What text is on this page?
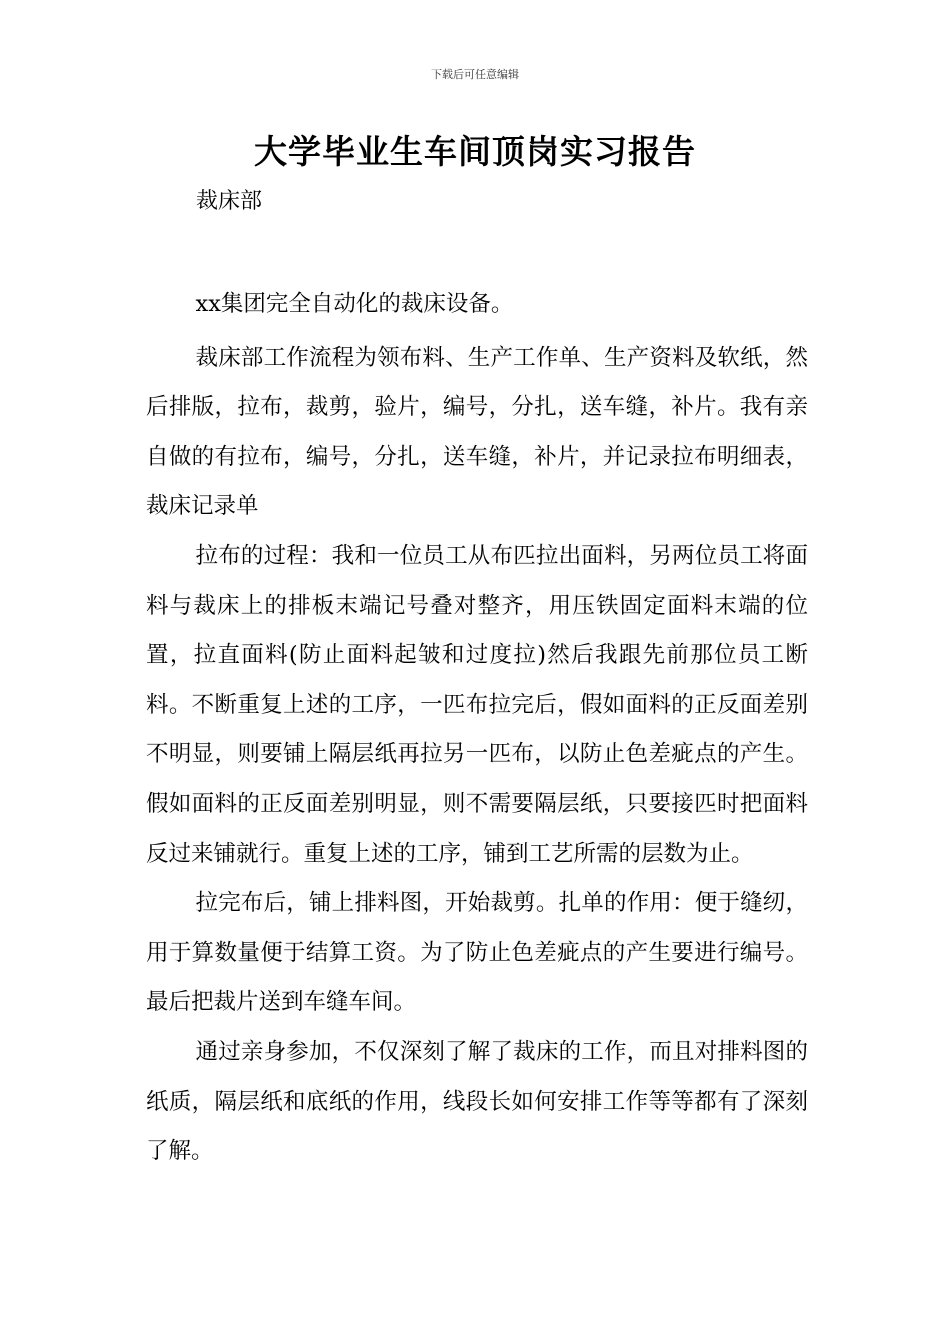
下载后可任意编辑
大学毕业生车间顶岗实习报告
裁床部

xx集团完全自动化的裁床设备。

裁床部工作流程为领布料、生产工作单、生产资料及软纸，然后排版，拉布，裁剪，验片，编号，分扎，送车缝，补片。我有亲自做的有拉布，编号，分扎，送车缝，补片，并记录拉布明细表，裁床记录单

拉布的过程：我和一位员工从布匹拉出面料，另两位员工将面料与裁床上的排板末端记号叠对整齐，用压铁固定面料末端的位置，拉直面料(防止面料起皱和过度拉)然后我跟先前那位员工断料。不断重复上述的工序，一匹布拉完后，假如面料的正反面差别不明显，则要铺上隔层纸再拉另一匹布，以防止色差疵点的产生。假如面料的正反面差别明显，则不需要隔层纸，只要接匹时把面料反过来铺就行。重复上述的工序，铺到工艺所需的层数为止。

拉完布后，铺上排料图，开始裁剪。扎单的作用：便于缝纫，用于算数量便于结算工资。为了防止色差疵点的产生要进行编号。最后把裁片送到车缝车间。

通过亲身参加，不仅深刻了解了裁床的工作，而且对排料图的纸质，隔层纸和底纸的作用，线段长如何安排工作等等都有了深刻了解。
